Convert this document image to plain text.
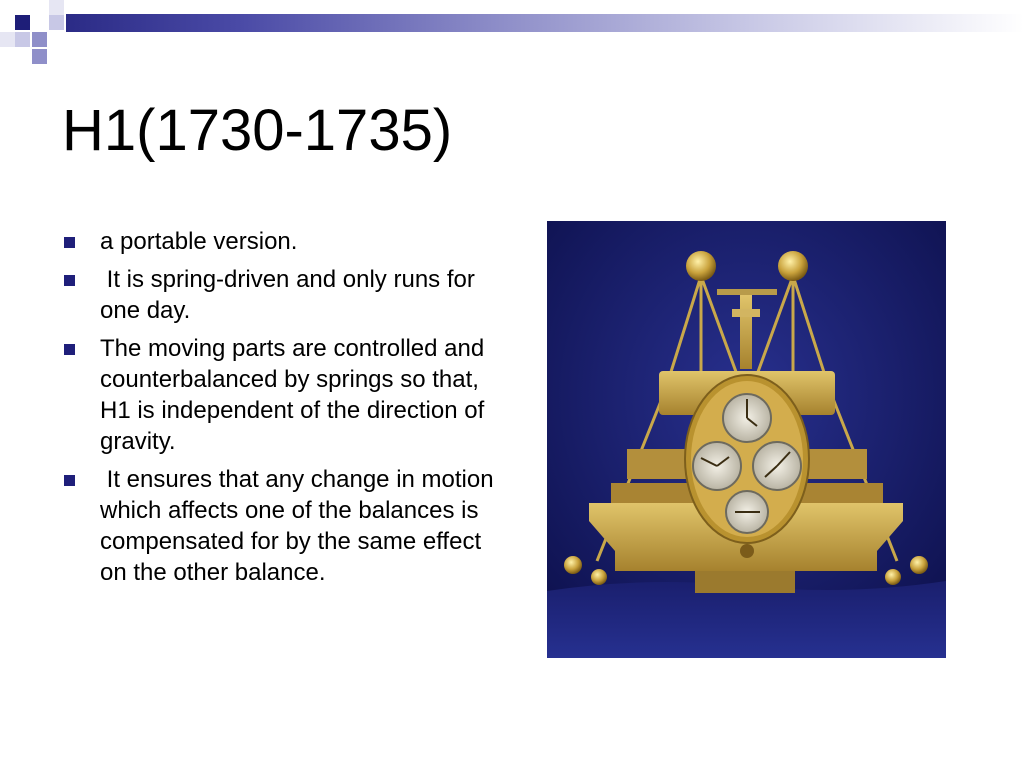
H1(1730-1735)
a portable version.
It is spring-driven and only runs for one day.
The moving parts are controlled and counterbalanced by springs so that, H1 is independent of the direction of gravity.
It ensures that any change in motion which affects one of the balances is compensated for by the same effect on the other balance.
